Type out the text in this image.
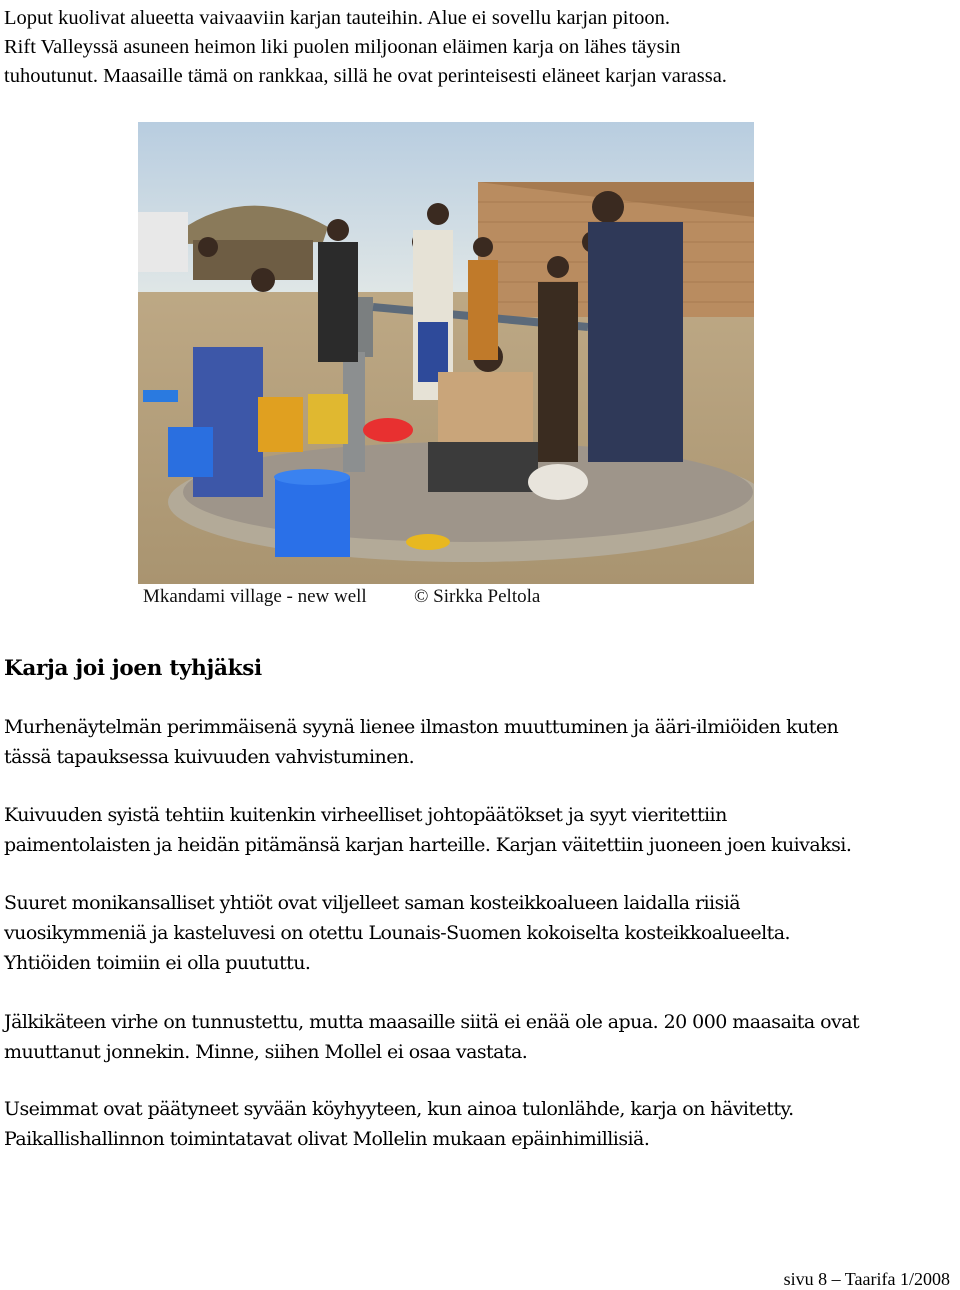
Loput kuolivat alueetta vaivaaviin karjan tauteihin. Alue ei sovellu karjan pitoon.
Rift Valleyssä asuneen heimon liki puolen miljoonan eläimen karja on lähes täysin
tuhoutunut. Maasaille tämä on rankkaa, sillä he ovat perinteisesti eläneet karjan varassa.
Mkandami village - new well © Sirkka Peltola
Karja joi joen tyhjäksi
Murhenäytelmän perimmäisenä syynä lienee ilmaston muuttuminen ja ääri-ilmiöiden kuten
tässä tapauksessa kuivuuden vahvistuminen.
Kuivuuden syistä tehtiin kuitenkin virheelliset johtopäätökset ja syyt vieritettiin
paimentolaisten ja heidän pitämänsä karjan harteille. Karjan väitettiin juoneen joen kuivaksi.
Suuret monikansalliset yhtiöt ovat viljelleet saman kosteikkoalueen laidalla riisiä
vuosikymmeniä ja kasteluvesi on otettu Lounais-Suomen kokoiselta kosteikkoalueelta.
Yhtiöiden toimiin ei olla puututtu.
Jälkikäteen virhe on tunnustettu, mutta maasaille siitä ei enää ole apua. 20 000 maasaita ovat
muuttanut jonnekin. Minne, siihen Mollel ei osaa vastata.
Useimmat ovat päätyneet syvään köyhyyteen, kun ainoa tulonlähde, karja on hävitetty.
Paikallishallinnon toimintatavat olivat Mollelin mukaan epäinhimillisiä.
sivu 8 – Taarifa 1/2008
